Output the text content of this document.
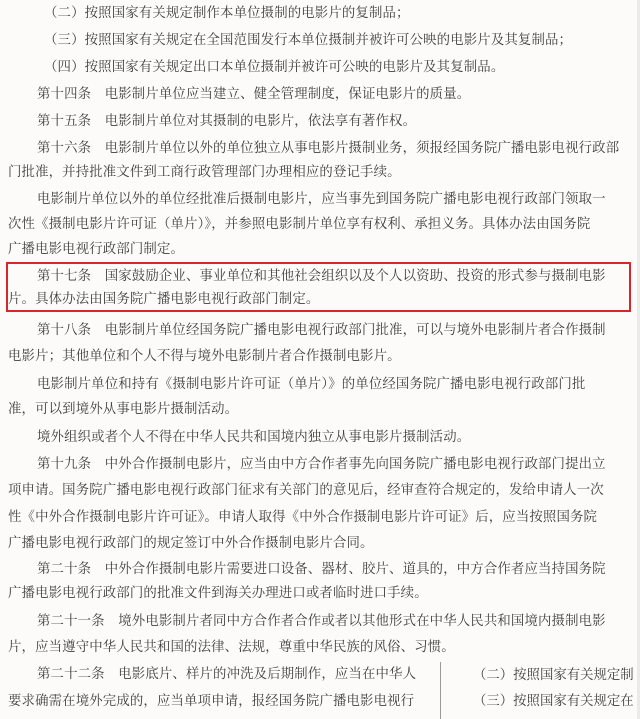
（二）按照国家有关规定制作本单位摄制的电影片的复制品；
（三）按照国家有关规定在全国范围发行本单位摄制并被许可公映的电影片及其复制品；
（四）按照国家有关规定出口本单位摄制并被许可公映的电影片及其复制品。
第十四条　电影制片单位应当建立、健全管理制度，保证电影片的质量。
第十五条　电影制片单位对其摄制的电影片，依法享有著作权。
第十六条　电影制片单位以外的单位独立从事电影片摄制业务，须报经国务院广播电影电视行政部
门批准，并持批准文件到工商行政管理部门办理相应的登记手续。
电影制片单位以外的单位经批准后摄制电影片，应当事先到国务院广播电影电视行政部门领取一
次性《摄制电影片许可证（单片）》，并参照电影制片单位享有权利、承担义务。具体办法由国务院
广播电影电视行政部门制定。
第十七条　国家鼓励企业、事业单位和其他社会组织以及个人以资助、投资的形式参与摄制电影
片。具体办法由国务院广播电影电视行政部门制定。
第十八条　电影制片单位经国务院广播电影电视行政部门批准，可以与境外电影制片者合作摄制
电影片；其他单位和个人不得与境外电影制片者合作摄制电影片。
电影制片单位和持有《摄制电影片许可证（单片）》的单位经国务院广播电影电视行政部门批
准，可以到境外从事电影片摄制活动。
境外组织或者个人不得在中华人民共和国境内独立从事电影片摄制活动。
第十九条　中外合作摄制电影片，应当由中方合作者事先向国务院广播电影电视行政部门提出立
项申请。国务院广播电影电视行政部门征求有关部门的意见后，经审查符合规定的，发给申请人一次
性《中外合作摄制电影片许可证》。申请人取得《中外合作摄制电影片许可证》后，应当按照国务院
广播电影电视行政部门的规定签订中外合作摄制电影片合同。
第二十条　中外合作摄制电影片需要进口设备、器材、胶片、道具的，中方合作者应当持国务院
广播电影电视行政部门的批准文件到海关办理进口或者临时进口手续。
第二十一条　境外电影制片者同中方合作者合作或者以其他形式在中华人民共和国境内摄制电影
片，应当遵守中华人民共和国的法律、法规，尊重中华民族的风俗、习惯。
第二十二条　电影底片、样片的冲洗及后期制作，应当在中华人
要求确需在境外完成的，应当单项申请，报经国务院广播电影电视行
（二）按照国家有关规定制
（三）按照国家有关规定在
